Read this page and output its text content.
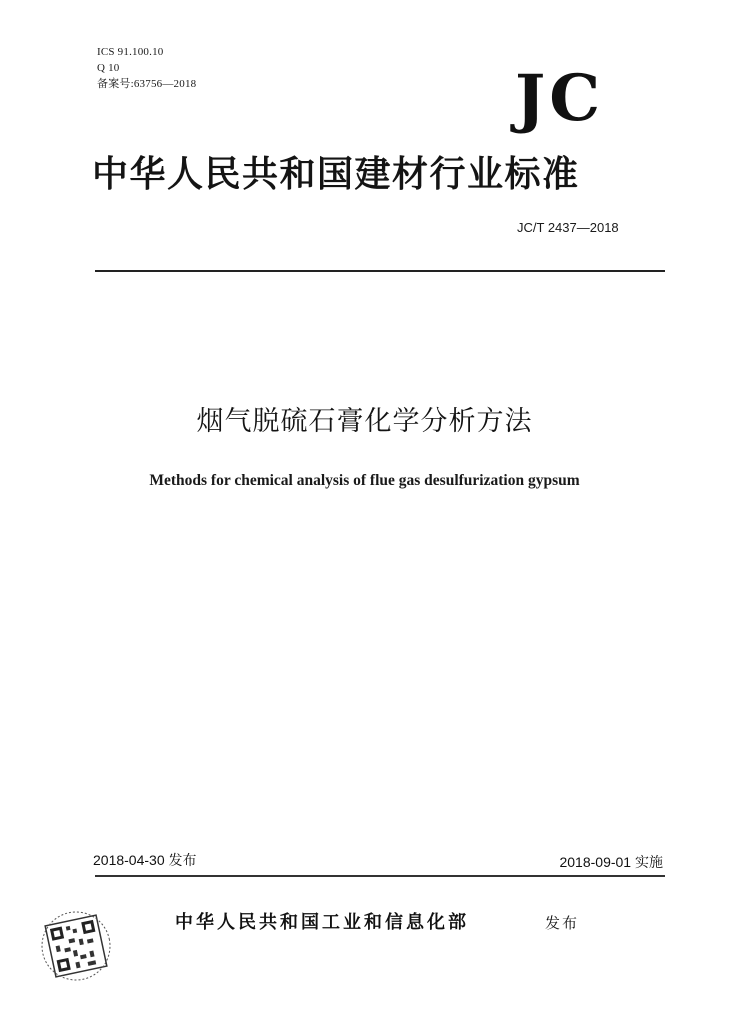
ICS 91.100.10
Q 10
备案号:63756—2018	JC
中华人民共和国建材行业标准
JC/T 2437—2018
烟气脱硫石膏化学分析方法
Methods for chemical analysis of flue gas desulfurization gypsum
2018-04-30 发布	2018-09-01 实施
中华人民共和国工业和信息化部	发布
